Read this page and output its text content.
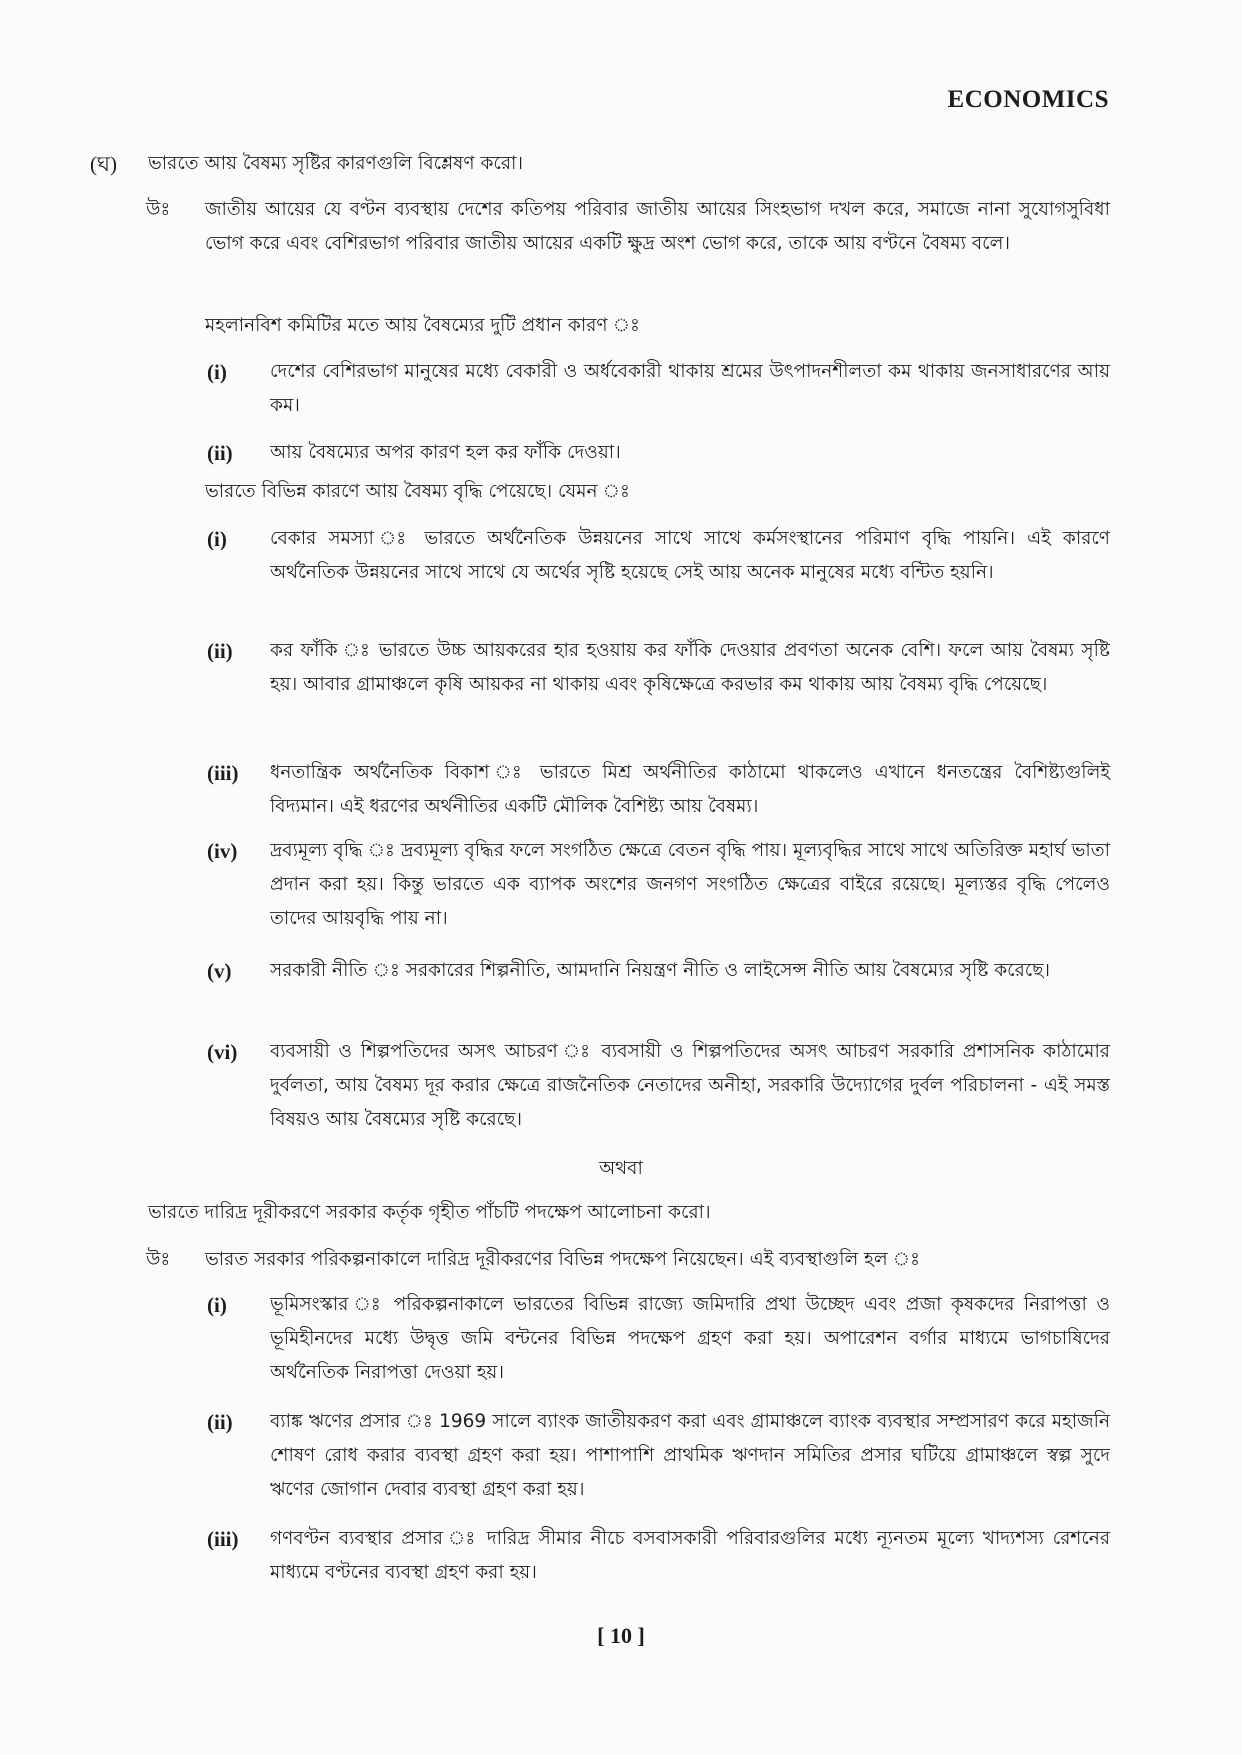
ECONOMICS

(ঘ) ভারতে আয় বৈষম্য সৃষ্টির কারণগুলি বিশ্লেষণ করো।

উঃ জাতীয় আয়ের যে বণ্টন ব্যবস্থায় দেশের কতিপয় পরিবার জাতীয় আয়ের সিংহভাগ দখল করে, সমাজে নানা সুযোগসুবিধা ভোগ করে এবং বেশিরভাগ পরিবার জাতীয় আয়ের একটি ক্ষুদ্র অংশ ভোগ করে, তাকে আয় বণ্টনে বৈষম্য বলে।

মহলানবিশ কমিটির মতে আয় বৈষম্যের দুটি প্রধান কারণ ঃ

(i) দেশের বেশিরভাগ মানুষের মধ্যে বেকারী ও অর্ধবেকারী থাকায় শ্রমের উৎপাদনশীলতা কম থাকায় জনসাধারণের আয় কম।

(ii) আয় বৈষম্যের অপর কারণ হল কর ফাঁকি দেওয়া।

ভারতে বিভিন্ন কারণে আয় বৈষম্য বৃদ্ধি পেয়েছে। যেমন ঃ

(i) বেকার সমস্যা ঃ ভারতে অর্থনৈতিক উন্নয়নের সাথে সাথে কর্মসংস্থানের পরিমাণ বৃদ্ধি পায়নি। এই কারণে অর্থনৈতিক উন্নয়নের সাথে সাথে যে অর্থের সৃষ্টি হয়েছে সেই আয় অনেক মানুষের মধ্যে বন্টিত হয়নি।

(ii) কর ফাঁকি ঃ ভারতে উচ্চ আয়করের হার হওয়ায় কর ফাঁকি দেওয়ার প্রবণতা অনেক বেশি। ফলে আয় বৈষম্য সৃষ্টি হয়। আবার গ্রামাঞ্চলে কৃষি আয়কর না থাকায় এবং কৃষিক্ষেত্রে করভার কম থাকায় আয় বৈষম্য বৃদ্ধি পেয়েছে।

(iii) ধনতান্ত্রিক অর্থনৈতিক বিকাশ ঃ ভারতে মিশ্র অর্থনীতির কাঠামো থাকলেও এখানে ধনতন্ত্রের বৈশিষ্ট্যগুলিই বিদ্যমান। এই ধরণের অর্থনীতির একটি মৌলিক বৈশিষ্ট্য আয় বৈষম্য।

(iv) দ্রব্যমূল্য বৃদ্ধি ঃ দ্রব্যমূল্য বৃদ্ধির ফলে সংগঠিত ক্ষেত্রে বেতন বৃদ্ধি পায়। মূল্যবৃদ্ধির সাথে সাথে অতিরিক্ত মহার্ঘ ভাতা প্রদান করা হয়। কিন্তু ভারতে এক ব্যাপক অংশের জনগণ সংগঠিত ক্ষেত্রের বাইরে রয়েছে। মূল্যস্তর বৃদ্ধি পেলেও তাদের আয়বৃদ্ধি পায় না।

(v) সরকারী নীতি ঃ সরকারের শিল্পনীতি, আমদানি নিয়ন্ত্রণ নীতি ও লাইসেন্স নীতি আয় বৈষম্যের সৃষ্টি করেছে।

(vi) ব্যবসায়ী ও শিল্পপতিদের অসৎ আচরণ ঃ ব্যবসায়ী ও শিল্পপতিদের অসৎ আচরণ সরকারি প্রশাসনিক কাঠামোর দুর্বলতা, আয় বৈষম্য দূর করার ক্ষেত্রে রাজনৈতিক নেতাদের অনীহা, সরকারি উদ্যোগের দুর্বল পরিচালনা - এই সমস্ত বিষয়ও আয় বৈষম্যের সৃষ্টি করেছে।

অথবা

ভারতে দারিদ্র দূরীকরণে সরকার কর্তৃক গৃহীত পাঁচটি পদক্ষেপ আলোচনা করো।

উঃ ভারত সরকার পরিকল্পনাকালে দারিদ্র দূরীকরণের বিভিন্ন পদক্ষেপ নিয়েছেন। এই ব্যবস্থাগুলি হল ঃ

(i) ভূমিসংস্কার ঃ পরিকল্পনাকালে ভারতের বিভিন্ন রাজ্যে জমিদারি প্রথা উচ্ছেদ এবং প্রজা কৃষকদের নিরাপত্তা ও ভূমিহীনদের মধ্যে উদ্বৃত্ত জমি বন্টনের বিভিন্ন পদক্ষেপ গ্রহণ করা হয়। অপারেশন বর্গার মাধ্যমে ভাগচাষিদের অর্থনৈতিক নিরাপত্তা দেওয়া হয়।

(ii) ব্যাঙ্ক ঋণের প্রসার ঃ 1969 সালে ব্যাংক জাতীয়করণ করা এবং গ্রামাঞ্চলে ব্যাংক ব্যবস্থার সম্প্রসারণ করে মহাজনি শোষণ রোধ করার ব্যবস্থা গ্রহণ করা হয়। পাশাপাশি প্রাথমিক ঋণদান সমিতির প্রসার ঘটিয়ে গ্রামাঞ্চলে স্বল্প সুদে ঋণের জোগান দেবার ব্যবস্থা গ্রহণ করা হয়।

(iii) গণবণ্টন ব্যবস্থার প্রসার ঃ দারিদ্র সীমার নীচে বসবাসকারী পরিবারগুলির মধ্যে ন্যূনতম মূল্যে খাদ্যশস্য রেশনের মাধ্যমে বণ্টনের ব্যবস্থা গ্রহণ করা হয়।

[ 10 ]
